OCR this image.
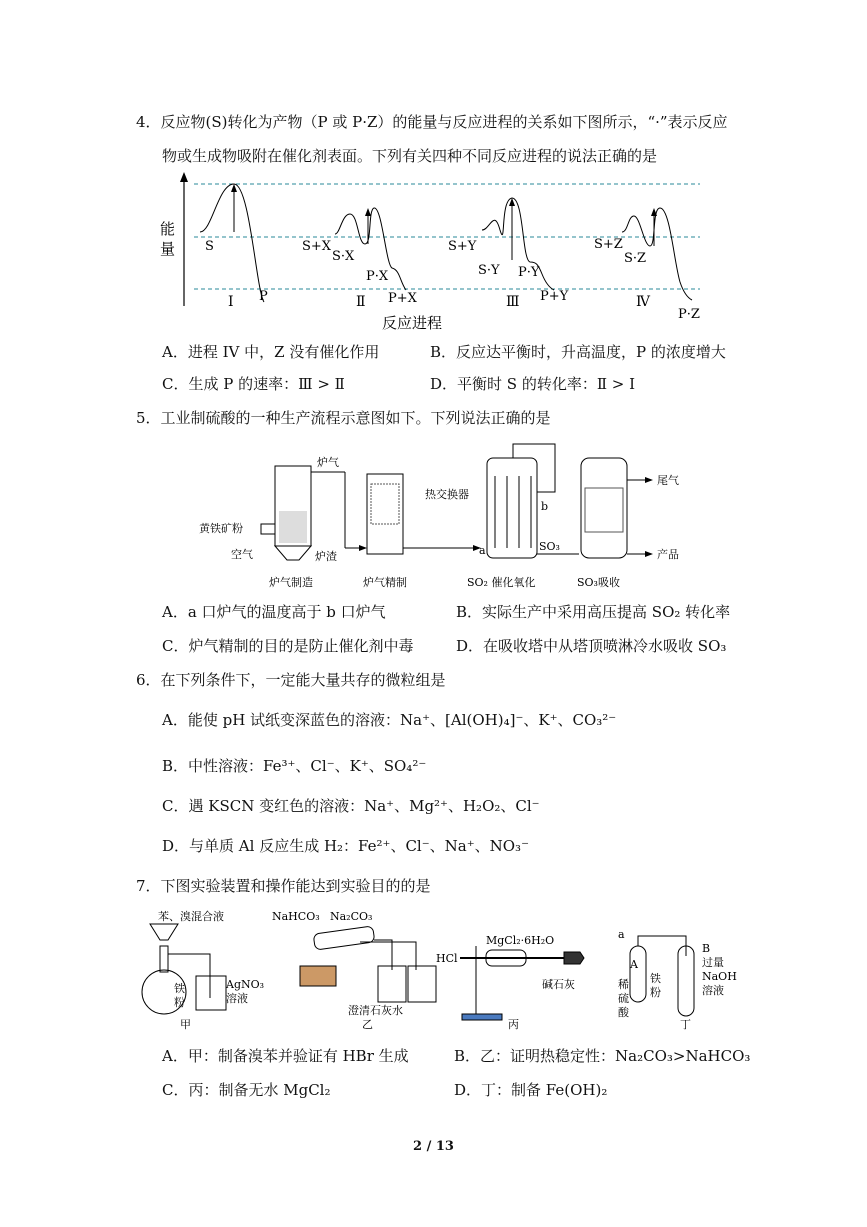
4．反应物(S)转化为产物（P 或 P·Z）的能量与反应进程的关系如下图所示，“·”表示反应
物或生成物吸附在催化剂表面。下列有关四种不同反应进程的说法正确的是
能
量 S
P
I
S+X
S·X
P·X
P+X
Ⅱ
S+Y
S·Y P·Y
P+Y
Ⅲ
S+Z
S·Z
P·Z
Ⅳ
反应进程
A．进程 IV 中，Z 没有催化作用	B．反应达平衡时，升高温度，P 的浓度增大
C．生成 P 的速率：Ⅲ > Ⅱ	D．平衡时 S 的转化率：Ⅱ > I
5．工业制硫酸的一种生产流程示意图如下。下列说法正确的是
炉气
黄铁矿粉
空气	炉渣
炉气制造	炉气精制
热交换器
a
b
SO₃
SO₂ 催化氧化
尾气
产品
SO₃吸收
A．a 口炉气的温度高于 b 口炉气	B．实际生产中采用高压提高 SO₂ 转化率
C．炉气精制的目的是防止催化剂中毒	D．在吸收塔中从塔顶喷淋冷水吸收 SO₃
6．在下列条件下，一定能大量共存的微粒组是
A．能使 pH 试纸变深蓝色的溶液：Na⁺、[Al(OH)₄]⁻、K⁺、CO₃²⁻
B．中性溶液：Fe³⁺、Cl⁻、K⁺、SO₄²⁻
C．遇 KSCN 变红色的溶液：Na⁺、Mg²⁺、H₂O₂、Cl⁻
D．与单质 Al 反应生成 H₂：Fe²⁺、Cl⁻、Na⁺、NO₃⁻
7．下图实验装置和操作能达到实验目的的是
苯、溴混合液
铁
粉
AgNO₃
溶液
甲
NaHCO₃ Na₂CO₃
澄清石灰水
乙
HCl
MgCl₂·6H₂O
碱石灰
丙
a
A
B
稀
硫
酸
铁
粉
过量
NaOH
溶液
丁
A．甲：制备溴苯并验证有 HBr 生成	B．乙：证明热稳定性：Na₂CO₃>NaHCO₃
C．丙：制备无水 MgCl₂	D．丁：制备 Fe(OH)₂
2 / 13
